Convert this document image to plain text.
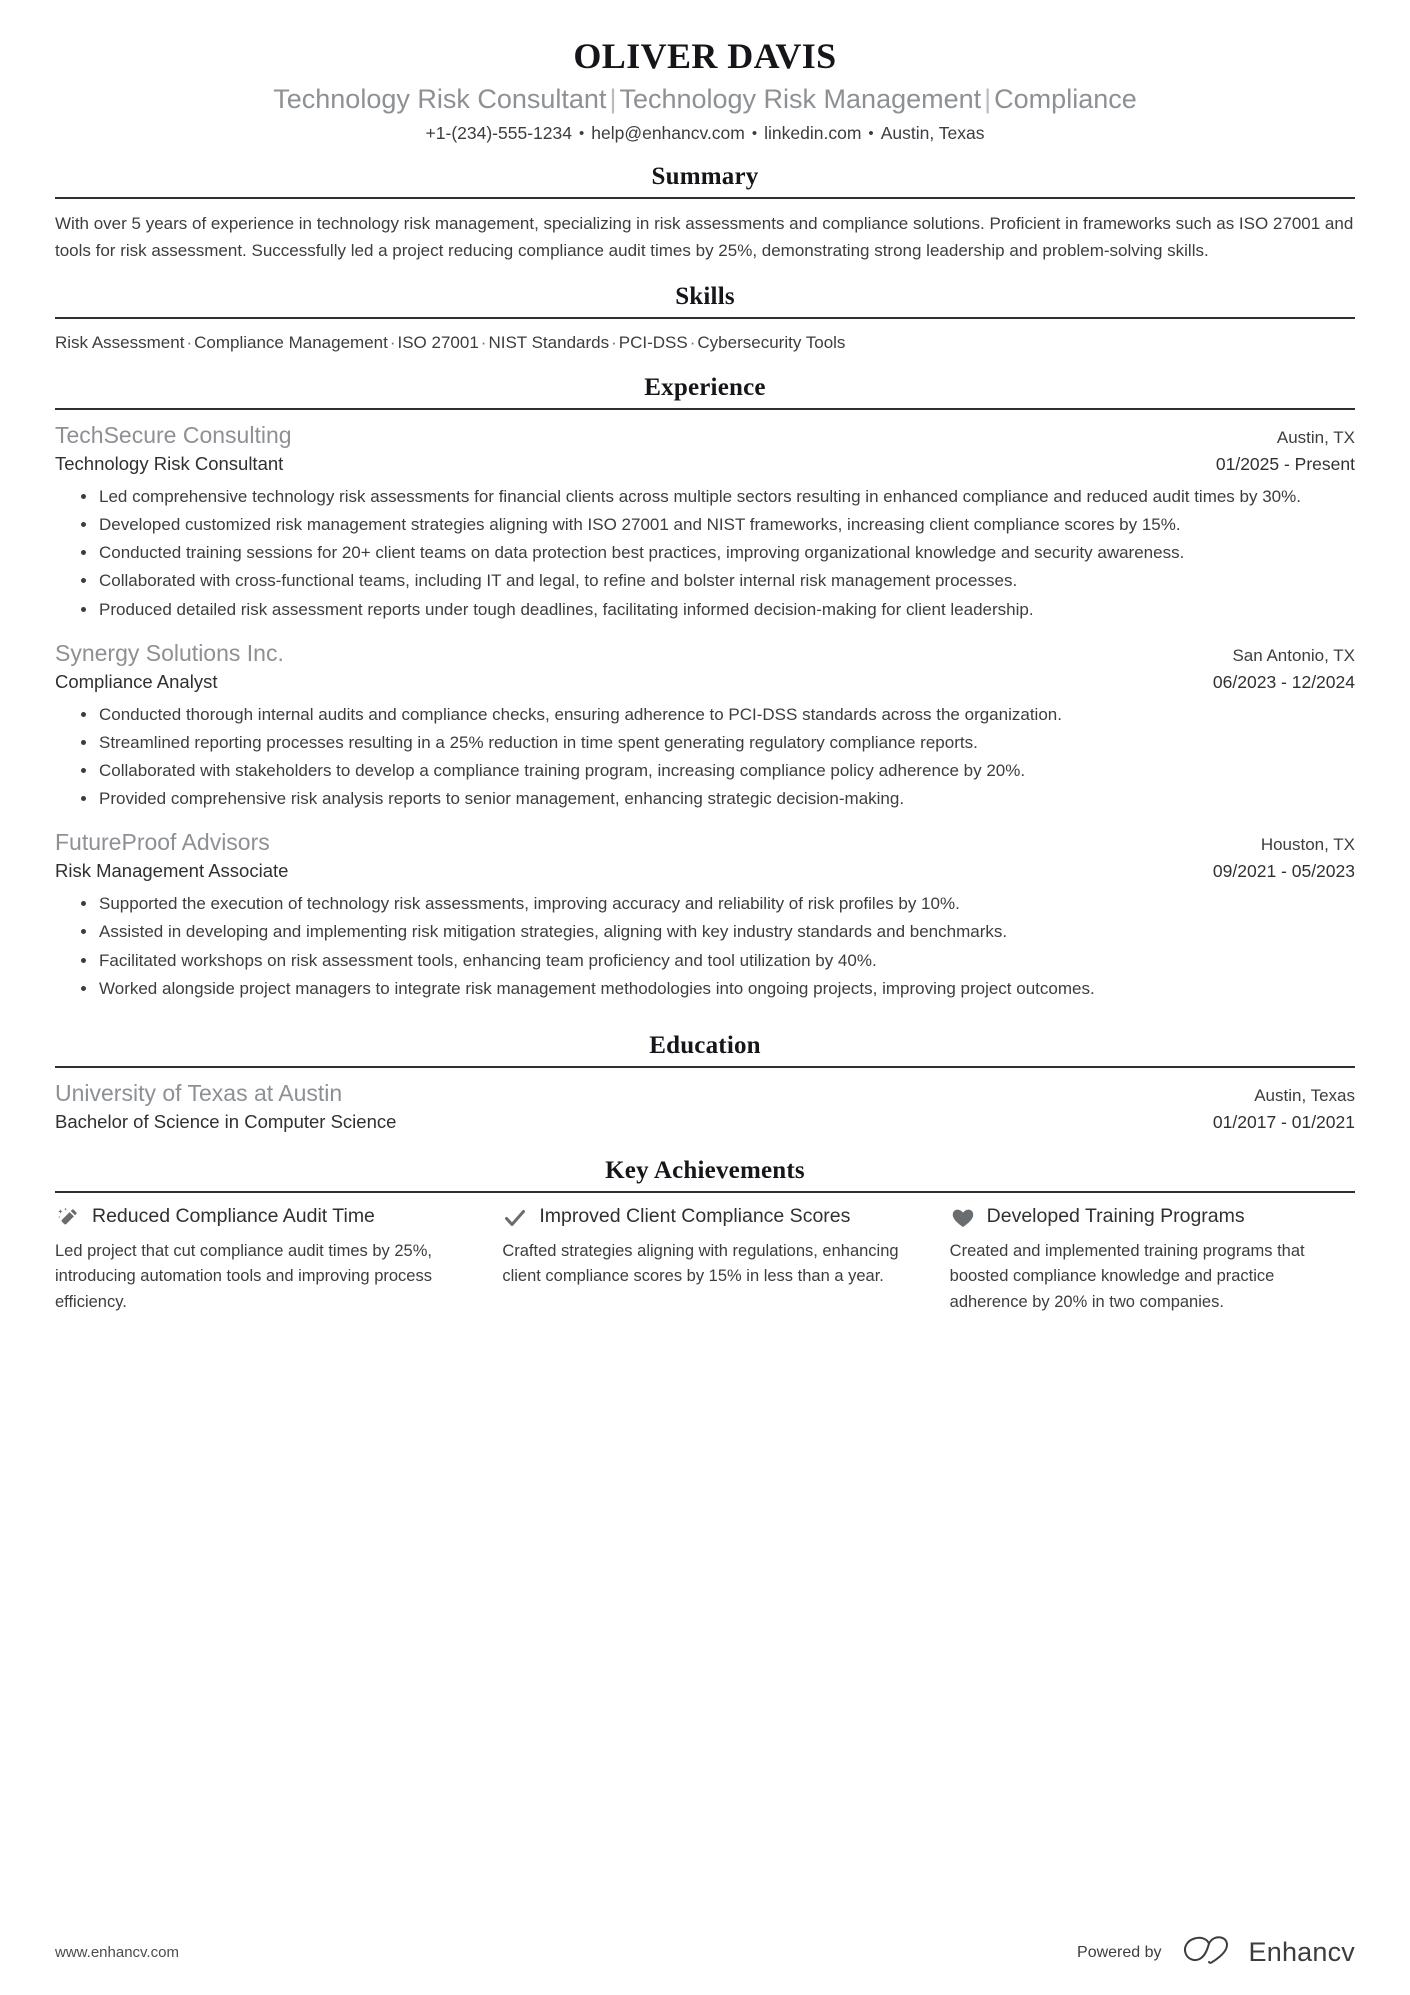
OLIVER DAVIS
Technology Risk Consultant | Technology Risk Management | Compliance
+1-(234)-555-1234 • help@enhancv.com • linkedin.com • Austin, Texas
Summary

With over 5 years of experience in technology risk management, specializing in risk assessments and compliance solutions. Proficient in frameworks such as ISO 27001 and tools for risk assessment. Successfully led a project reducing compliance audit times by 25%, demonstrating strong leadership and problem-solving skills.

Skills

Risk Assessment · Compliance Management · ISO 27001 · NIST Standards · PCI-DSS · Cybersecurity Tools

Experience
TechSecure Consulting	Austin, TX
Technology Risk Consultant	01/2025 - Present
Led comprehensive technology risk assessments for financial clients across multiple sectors resulting in enhanced compliance and reduced audit times by 30%.
Developed customized risk management strategies aligning with ISO 27001 and NIST frameworks, increasing client compliance scores by 15%.
Conducted training sessions for 20+ client teams on data protection best practices, improving organizational knowledge and security awareness.
Collaborated with cross-functional teams, including IT and legal, to refine and bolster internal risk management processes.
Produced detailed risk assessment reports under tough deadlines, facilitating informed decision-making for client leadership.
Synergy Solutions Inc.	San Antonio, TX
Compliance Analyst	06/2023 - 12/2024
Conducted thorough internal audits and compliance checks, ensuring adherence to PCI-DSS standards across the organization.
Streamlined reporting processes resulting in a 25% reduction in time spent generating regulatory compliance reports.
Collaborated with stakeholders to develop a compliance training program, increasing compliance policy adherence by 20%.
Provided comprehensive risk analysis reports to senior management, enhancing strategic decision-making.
FutureProof Advisors	Houston, TX
Risk Management Associate	09/2021 - 05/2023
Supported the execution of technology risk assessments, improving accuracy and reliability of risk profiles by 10%.
Assisted in developing and implementing risk mitigation strategies, aligning with key industry standards and benchmarks.
Facilitated workshops on risk assessment tools, enhancing team proficiency and tool utilization by 40%.
Worked alongside project managers to integrate risk management methodologies into ongoing projects, improving project outcomes.
Education
University of Texas at Austin	Austin, Texas
Bachelor of Science in Computer Science	01/2017 - 01/2021
Key Achievements
Reduced Compliance Audit Time

Led project that cut compliance audit times by 25%, introducing automation tools and improving process efficiency.

Improved Client Compliance Scores

Crafted strategies aligning with regulations, enhancing client compliance scores by 15% in less than a year.

Developed Training Programs

Created and implemented training programs that boosted compliance knowledge and practice adherence by 20% in two companies.

www.enhancv.com	Powered by	Enhancv
